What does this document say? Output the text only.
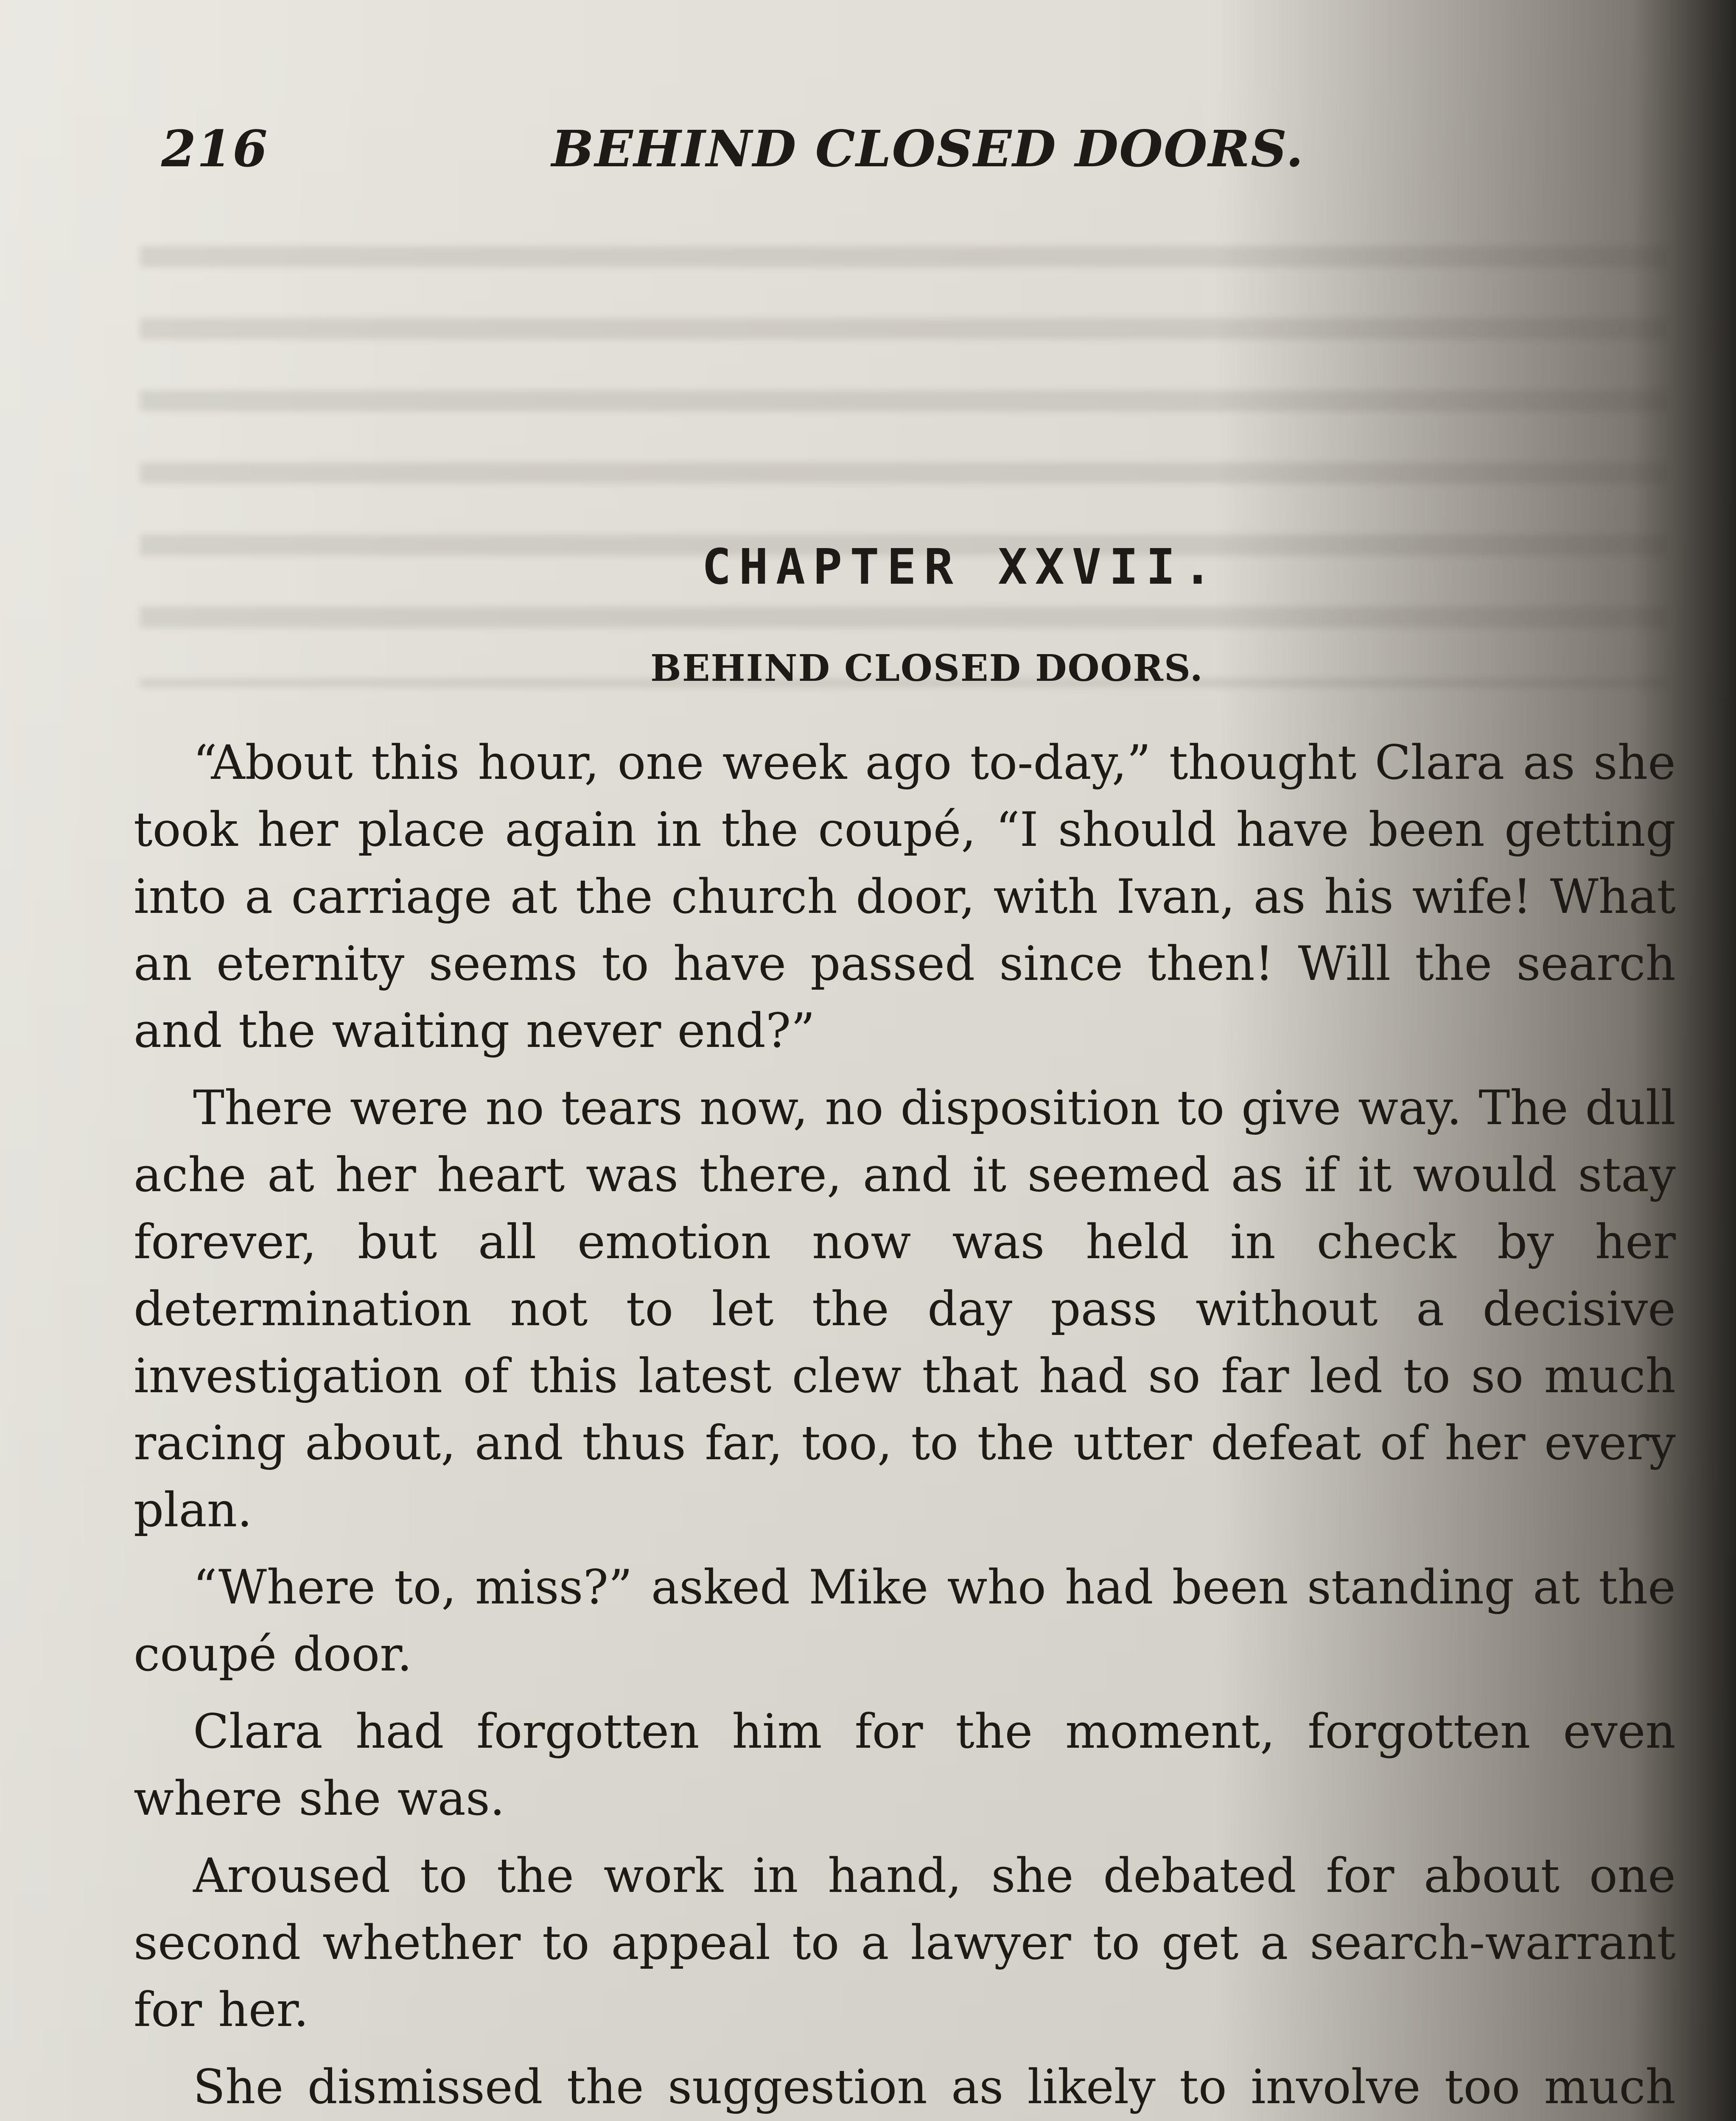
216	BEHIND CLOSED DOORS.
CHAPTER XXVII.
BEHIND CLOSED DOORS.

“About this hour, one week ago to-day,” thought Clara as she took her place again in the coupé, “I should have been getting into a carriage at the church door, with Ivan, as his wife! What an eternity seems to have passed since then! Will the search and the waiting never end?”

There were no tears now, no disposition to give way. The dull ache at her heart was there, and it seemed as if it would stay forever, but all emotion now was held in check by her determination not to let the day pass without a decisive investigation of this latest clew that had so far led to so much racing about, and thus far, too, to the utter defeat of her every plan.

“Where to, miss?” asked Mike who had been standing at the coupé door.

Clara had forgotten him for the moment, forgotten even where she was.

Aroused to the work in hand, she debated for about one second whether to appeal to a lawyer to get a search-warrant for her.

She dismissed the suggestion as likely to involve too much
